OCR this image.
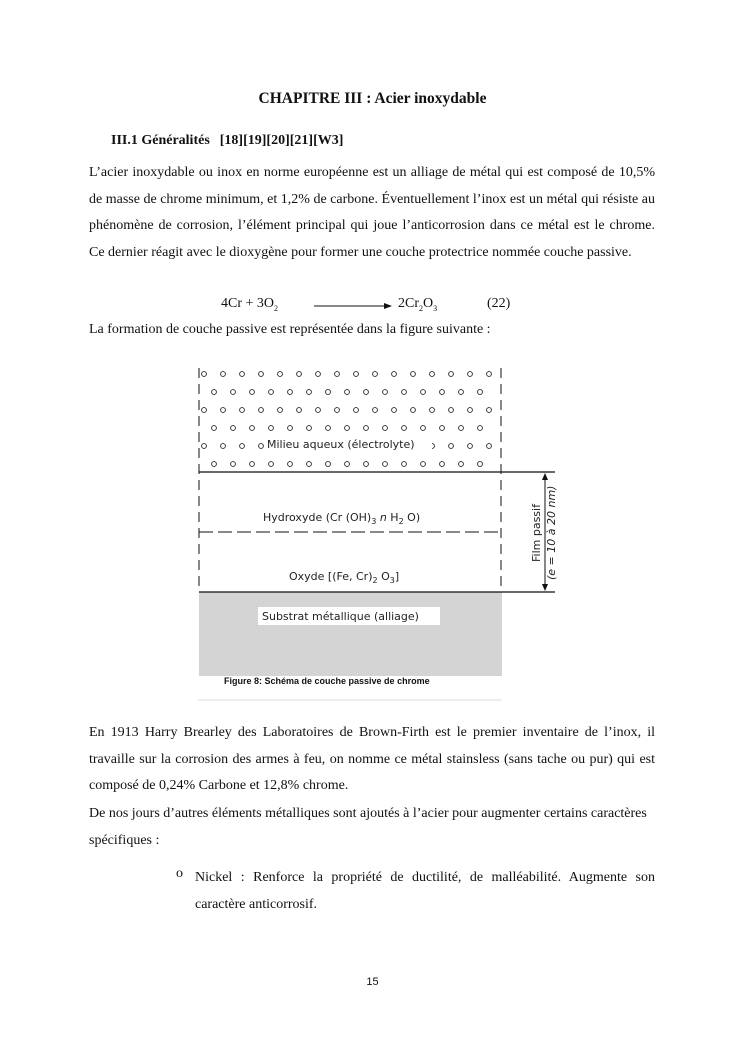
CHAPITRE III : Acier inoxydable
III.1 Généralités [18][19][20][21][W3]
L’acier inoxydable ou inox en norme européenne est un alliage de métal qui est composé de 10,5% de masse de chrome minimum, et 1,2% de carbone. Éventuellement l’inox est un métal qui résiste au phénomène de corrosion, l’élément principal qui joue l’anticorrosion dans ce métal est le chrome. Ce dernier réagit avec le dioxygène pour former une couche protectrice nommée couche passive.
$4Cr + 3O_2$	$2Cr_2O_3$	(22)
La formation de couche passive est représentée dans la figure suivante :
Milieu aqueux (électrolyte)
Hydroxyde (Cr $(OH)_3$ n $H_2$ O)
Oxyde [(Fe, $Cr)_2$ $O_3$]
Substrat métallique (alliage)
Film passif (e = 10 à 20 nm)
Figure 8: Schéma de couche passive de chrome
En 1913 Harry Brearley des Laboratoires de Brown-Firth est le premier inventaire de l’inox, il travaille sur la corrosion des armes à feu, on nomme ce métal stainsless (sans tache ou pur) qui est composé de 0,24% Carbone et 12,8% chrome.
De nos jours d’autres éléments métalliques sont ajoutés à l’acier pour augmenter certains caractères spécifiques :
o Nickel : Renforce la propriété de ductilité, de malléabilité. Augmente son caractère anticorrosif.
15
